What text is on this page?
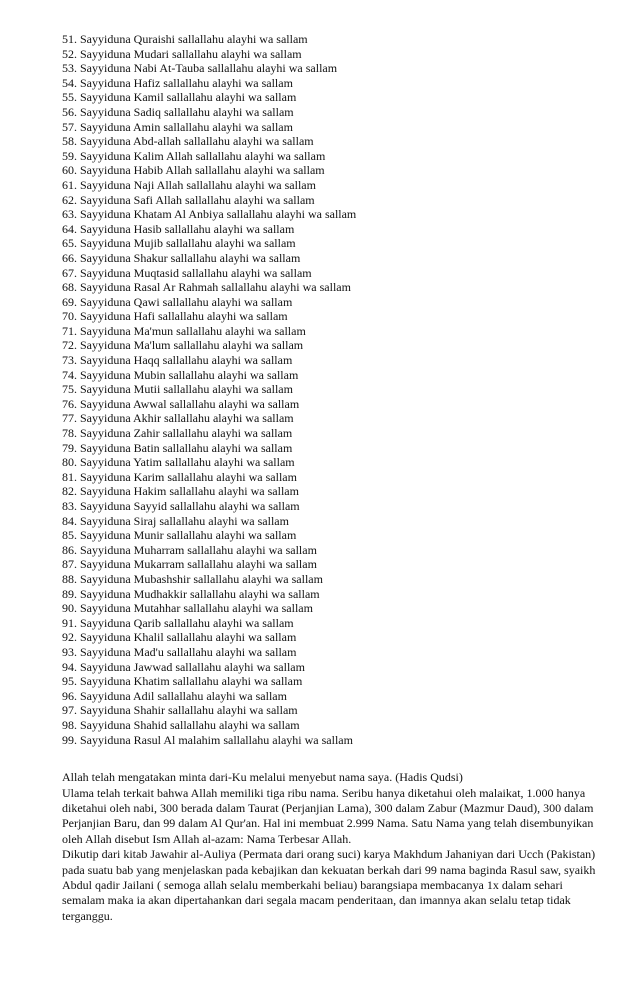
51. Sayyiduna Quraishi sallallahu alayhi wa sallam
52. Sayyiduna Mudari sallallahu alayhi wa sallam
53. Sayyiduna Nabi At-Tauba sallallahu alayhi wa sallam
54. Sayyiduna Hafiz sallallahu alayhi wa sallam
55. Sayyiduna Kamil sallallahu alayhi wa sallam
56. Sayyiduna Sadiq sallallahu alayhi wa sallam
57. Sayyiduna Amin sallallahu alayhi wa sallam
58. Sayyiduna Abd-allah sallallahu alayhi wa sallam
59. Sayyiduna Kalim Allah sallallahu alayhi wa sallam
60. Sayyiduna Habib Allah sallallahu alayhi wa sallam
61. Sayyiduna Naji Allah sallallahu alayhi wa sallam
62. Sayyiduna Safi Allah sallallahu alayhi wa sallam
63. Sayyiduna Khatam Al Anbiya sallallahu alayhi wa sallam
64. Sayyiduna Hasib sallallahu alayhi wa sallam
65. Sayyiduna Mujib sallallahu alayhi wa sallam
66. Sayyiduna Shakur sallallahu alayhi wa sallam
67. Sayyiduna Muqtasid sallallahu alayhi wa sallam
68. Sayyiduna Rasal Ar Rahmah sallallahu alayhi wa sallam
69. Sayyiduna Qawi sallallahu alayhi wa sallam
70. Sayyiduna Hafi sallallahu alayhi wa sallam
71. Sayyiduna Ma'mun sallallahu alayhi wa sallam
72. Sayyiduna Ma'lum sallallahu alayhi wa sallam
73. Sayyiduna Haqq sallallahu alayhi wa sallam
74. Sayyiduna Mubin sallallahu alayhi wa sallam
75. Sayyiduna Mutii sallallahu alayhi wa sallam
76. Sayyiduna Awwal sallallahu alayhi wa sallam
77. Sayyiduna Akhir sallallahu alayhi wa sallam
78. Sayyiduna Zahir sallallahu alayhi wa sallam
79. Sayyiduna Batin sallallahu alayhi wa sallam
80. Sayyiduna Yatim sallallahu alayhi wa sallam
81. Sayyiduna Karim sallallahu alayhi wa sallam
82. Sayyiduna Hakim sallallahu alayhi wa sallam
83. Sayyiduna Sayyid sallallahu alayhi wa sallam
84. Sayyiduna Siraj sallallahu alayhi wa sallam
85. Sayyiduna Munir sallallahu alayhi wa sallam
86. Sayyiduna Muharram sallallahu alayhi wa sallam
87. Sayyiduna Mukarram sallallahu alayhi wa sallam
88. Sayyiduna Mubashshir sallallahu alayhi wa sallam
89. Sayyiduna Mudhakkir sallallahu alayhi wa sallam
90. Sayyiduna Mutahhar sallallahu alayhi wa sallam
91. Sayyiduna Qarib sallallahu alayhi wa sallam
92. Sayyiduna Khalil sallallahu alayhi wa sallam
93. Sayyiduna Mad'u sallallahu alayhi wa sallam
94. Sayyiduna Jawwad sallallahu alayhi wa sallam
95. Sayyiduna Khatim sallallahu alayhi wa sallam
96. Sayyiduna Adil sallallahu alayhi wa sallam
97. Sayyiduna Shahir sallallahu alayhi wa sallam
98. Sayyiduna Shahid sallallahu alayhi wa sallam
99. Sayyiduna Rasul Al malahim sallallahu alayhi wa sallam

Allah telah mengatakan minta dari-Ku melalui menyebut nama saya. (Hadis Qudsi)

Ulama telah terkait bahwa Allah memiliki tiga ribu nama. Seribu hanya diketahui oleh malaikat, 1.000 hanya diketahui oleh nabi, 300 berada dalam Taurat (Perjanjian Lama), 300 dalam Zabur (Mazmur Daud), 300 dalam Perjanjian Baru, dan 99 dalam Al Qur'an. Hal ini membuat 2.999 Nama. Satu Nama yang telah disembunyikan oleh Allah disebut Ism Allah al-azam: Nama Terbesar Allah.

Dikutip dari kitab Jawahir al-Auliya (Permata dari orang suci) karya Makhdum Jahaniyan dari Ucch (Pakistan) pada suatu bab yang menjelaskan pada kebajikan dan kekuatan berkah dari 99 nama baginda Rasul saw, syaikh Abdul qadir Jailani ( semoga allah selalu memberkahi beliau) barangsiapa membacanya 1x dalam sehari semalam maka ia akan dipertahankan dari segala macam penderitaan, dan imannya akan selalu tetap tidak terganggu.
